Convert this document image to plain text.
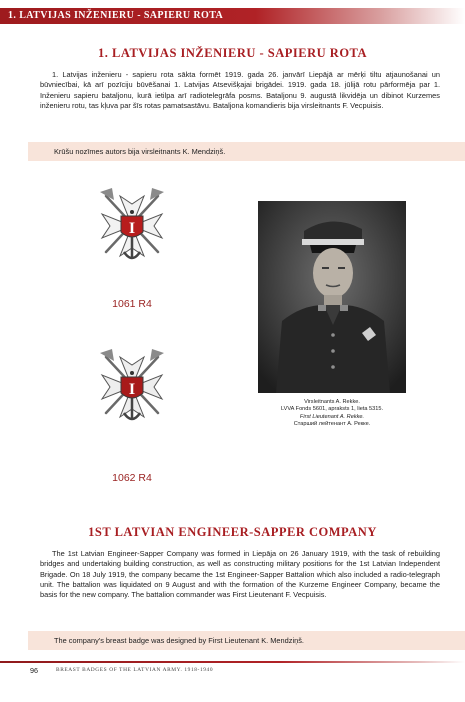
1. LATVIJAS INŽENIERU - SAPIERU ROTA
1. LATVIJAS INŽENIERU - SAPIERU ROTA

1. Latvijas inženieru - sapieru rota sākta formēt 1919. gada 26. janvārī Liepājā ar mērķi tiltu atjaunošanai un būvniecībai, kā arī pozīciju būvēšanai 1. Latvijas Atsevišķajai brigādei. 1919. gada 18. jūlijā rotu pārformēja par 1. Inženieru sapieru bataljonu, kurā ietilpa arī radiotelegrāfa posms. Bataljonu 9. augustā likvidēja un dibinot Kurzemes inženieru rotu, tas kļuva par šīs rotas pamatsastāvu. Bataljona komandieris bija virsleitnants F. Vecpuisis.

Krūšu nozīmes autors bija virsleitnants K. Mendziņš.
I
1061 R4
I
1062 R4
Virsleitnants A. Rekke.
LVVA Fonds 5601, apraksts 1, lieta 5315.
First Lieutenant A. Rekke.
Старший лейтенант А. Рекке.
1ST LATVIAN ENGINEER-SAPPER COMPANY

The 1st Latvian Engineer-Sapper Company was formed in Liepāja on 26 January 1919, with the task of rebuilding bridges and undertaking building construction, as well as constructing military positions for the 1st Latvian Independent Brigade. On 18 July 1919, the company became the 1st Engineer-Sapper Battalion which also included a radio-telegraph unit. The battalion was liquidated on 9 August and with the formation of the Kurzeme Engineer Company, became the basis for the new company. The battalion commander was First Lieutenant F. Vecpuisis.

The company's breast badge was designed by First Lieutenant K. Mendziņš.
96	BREAST BADGES OF THE LATVIAN ARMY. 1918-1940
